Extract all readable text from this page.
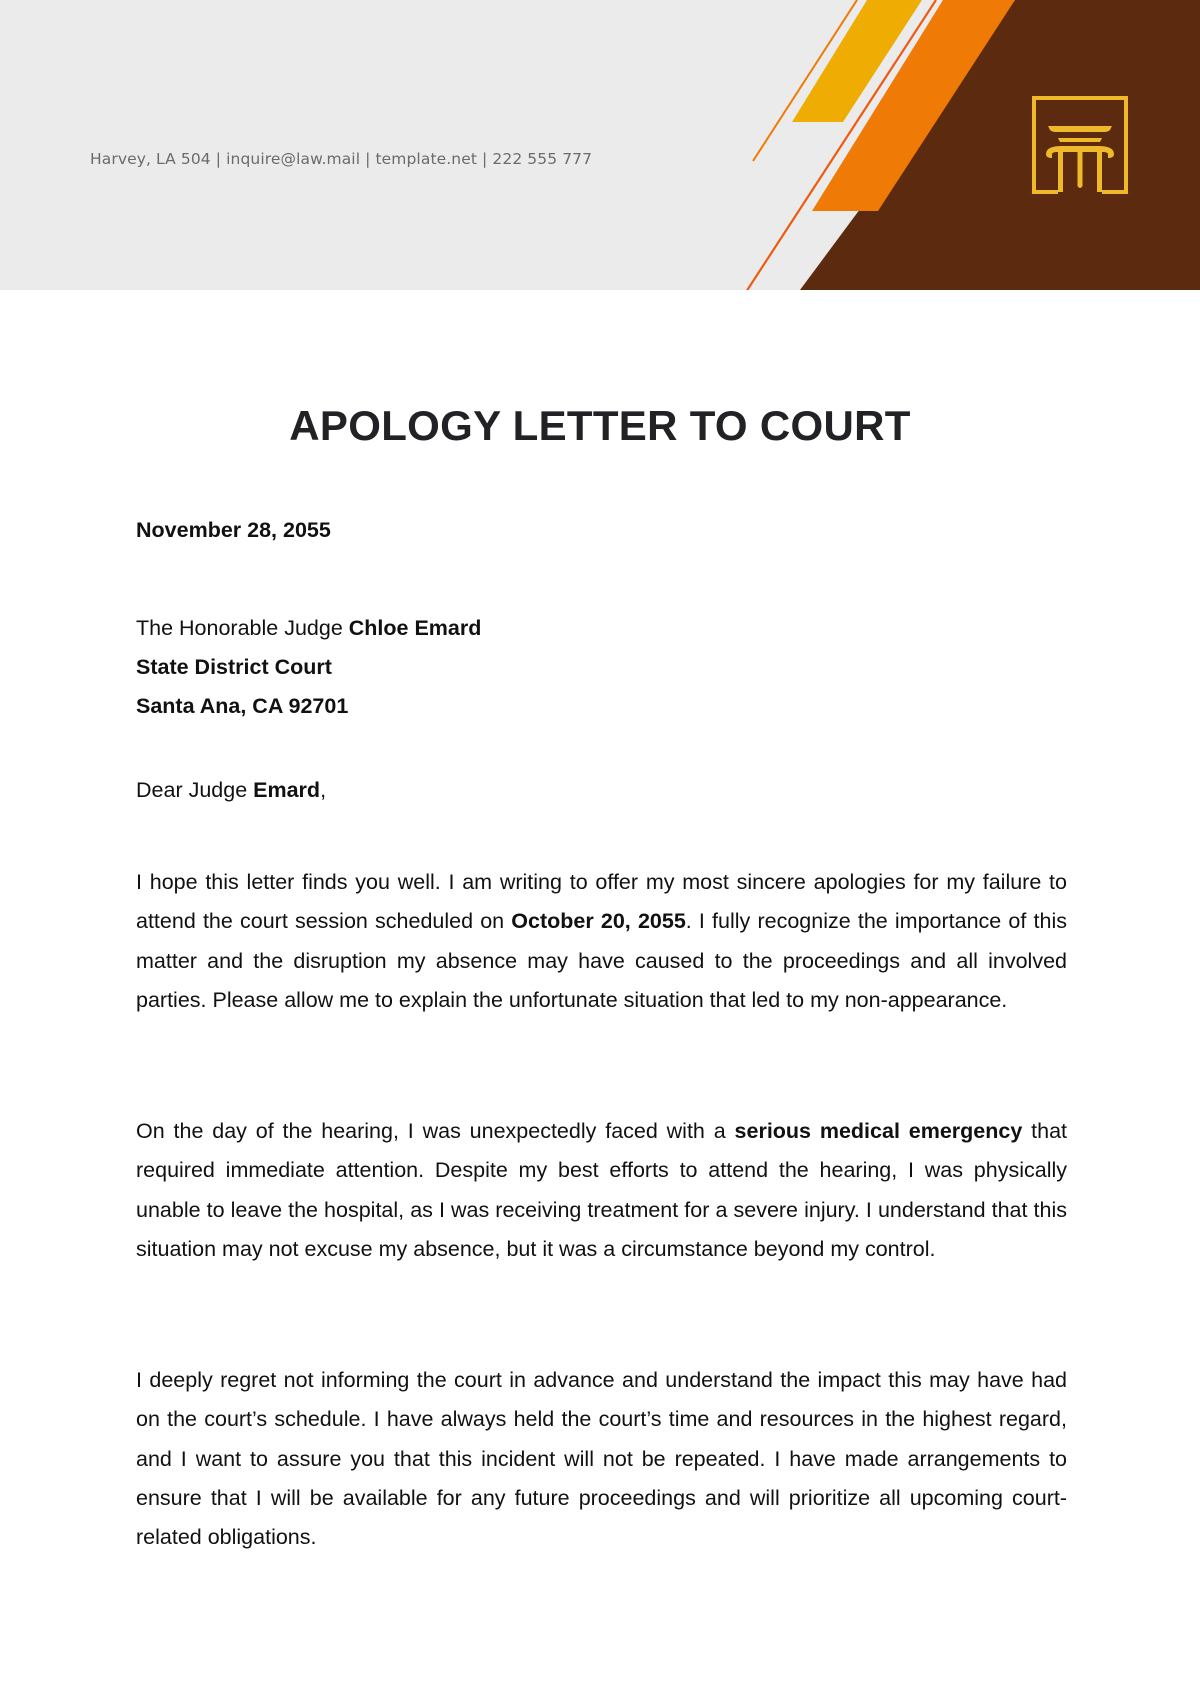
Harvey, LA 504 | inquire@law.mail | template.net | 222 555 777
APOLOGY LETTER TO COURT
November 28, 2055
The Honorable Judge Chloe Emard
State District Court
Santa Ana, CA 92701
Dear Judge Emard,
I hope this letter finds you well. I am writing to offer my most sincere apologies for my failure to attend the court session scheduled on October 20, 2055. I fully recognize the importance of this matter and the disruption my absence may have caused to the proceedings and all involved parties. Please allow me to explain the unfortunate situation that led to my non-appearance.
On the day of the hearing, I was unexpectedly faced with a serious medical emergency that required immediate attention. Despite my best efforts to attend the hearing, I was physically unable to leave the hospital, as I was receiving treatment for a severe injury. I understand that this situation may not excuse my absence, but it was a circumstance beyond my control.
I deeply regret not informing the court in advance and understand the impact this may have had on the court’s schedule. I have always held the court’s time and resources in the highest regard, and I want to assure you that this incident will not be repeated. I have made arrangements to ensure that I will be available for any future proceedings and will prioritize all upcoming court-related obligations.
